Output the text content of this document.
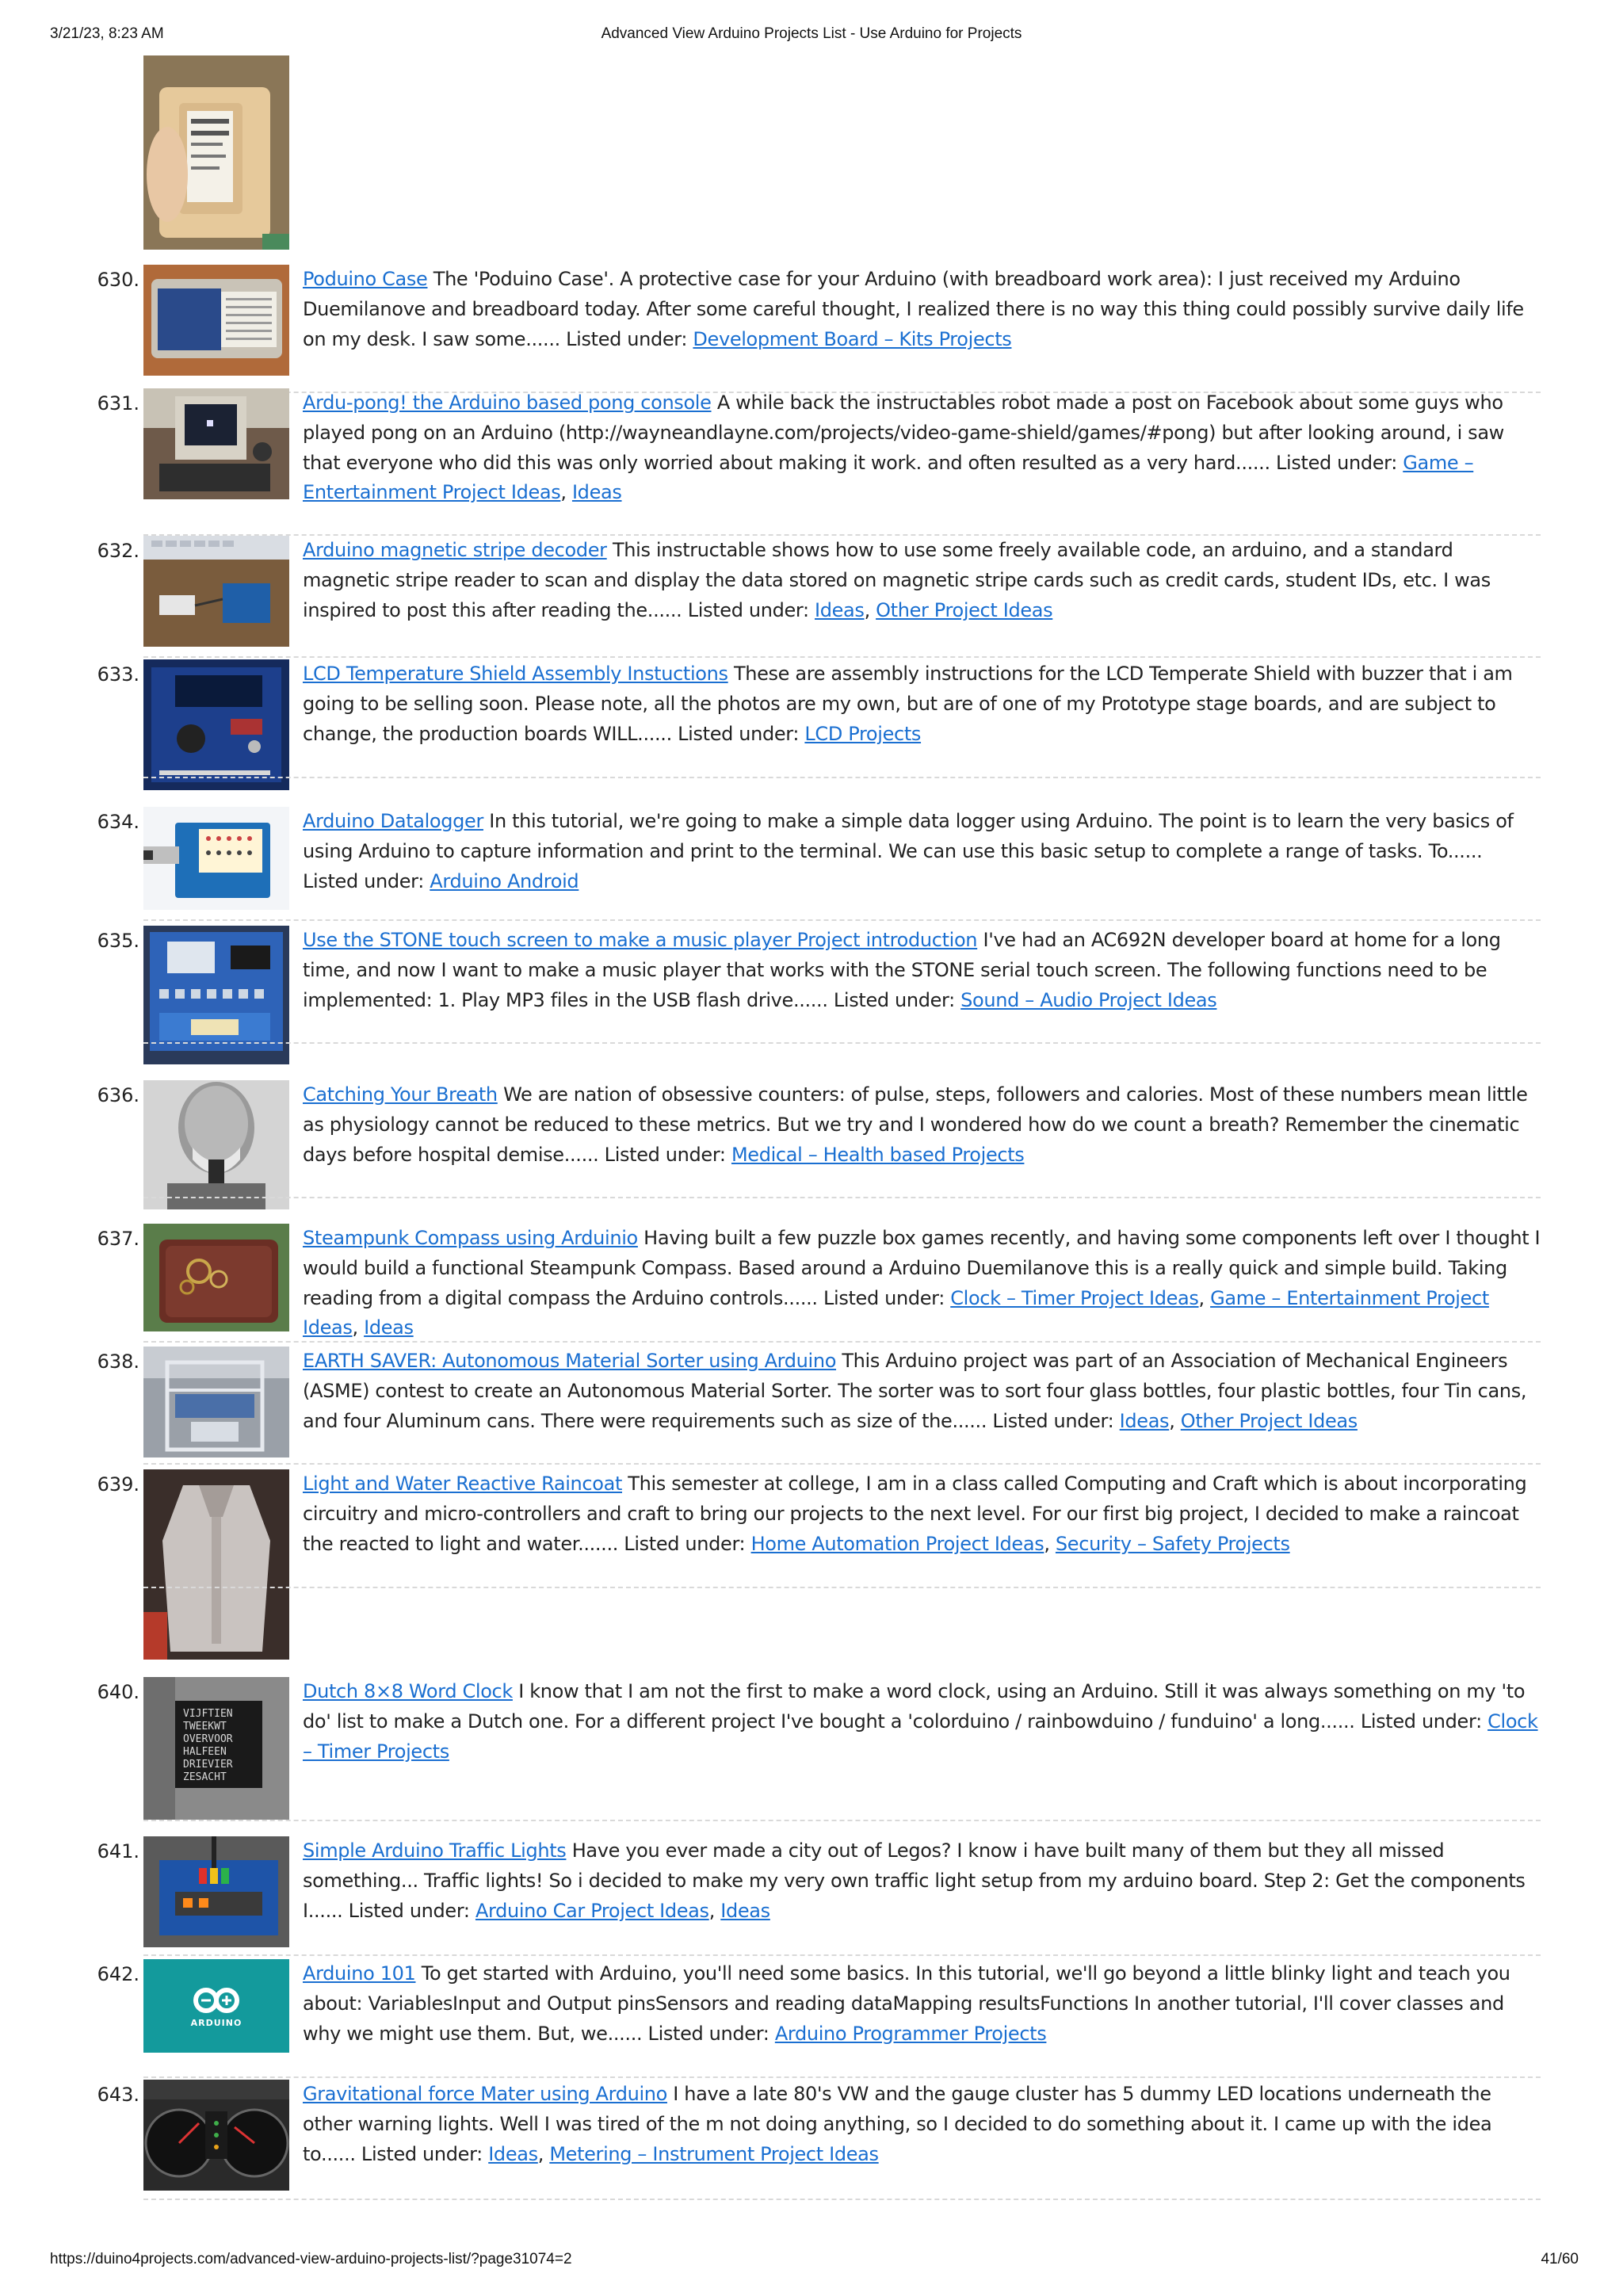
3/21/23, 8:23 AM	Advanced View Arduino Projects List - Use Arduino for Projects
630.	Poduino Case The 'Poduino Case'. A protective case for your Arduino (with breadboard work area): I just received my Arduino Duemilanove and breadboard today. After some careful thought, I realized there is no way this thing could possibly survive daily life on my desk. I saw some...... Listed under: Development Board – Kits Projects
631.	Ardu-pong! the Arduino based pong console A while back the instructables robot made a post on Facebook about some guys who played pong on an Arduino (http://wayneandlayne.com/projects/video-game-shield/games/#pong) but after looking around, i saw that everyone who did this was only worried about making it work. and often resulted as a very hard...... Listed under: Game – Entertainment Project Ideas, Ideas
632.	Arduino magnetic stripe decoder This instructable shows how to use some freely available code, an arduino, and a standard magnetic stripe reader to scan and display the data stored on magnetic stripe cards such as credit cards, student IDs, etc. I was inspired to post this after reading the...... Listed under: Ideas, Other Project Ideas
633.	LCD Temperature Shield Assembly Instuctions These are assembly instructions for the LCD Temperate Shield with buzzer that i am going to be selling soon. Please note, all the photos are my own, but are of one of my Prototype stage boards, and are subject to change, the production boards WILL...... Listed under: LCD Projects
634.	Arduino Datalogger In this tutorial, we're going to make a simple data logger using Arduino. The point is to learn the very basics of using Arduino to capture information and print to the terminal. We can use this basic setup to complete a range of tasks. To...... Listed under: Arduino Android
635.	Use the STONE touch screen to make a music player Project introduction I've had an AC692N developer board at home for a long time, and now I want to make a music player that works with the STONE serial touch screen. The following functions need to be implemented: 1. Play MP3 files in the USB flash drive...... Listed under: Sound – Audio Project Ideas
636.	Catching Your Breath We are nation of obsessive counters: of pulse, steps, followers and calories. Most of these numbers mean little as physiology cannot be reduced to these metrics. But we try and I wondered how do we count a breath? Remember the cinematic days before hospital demise...... Listed under: Medical – Health based Projects
637.	Steampunk Compass using Arduinio Having built a few puzzle box games recently, and having some components left over I thought I would build a functional Steampunk Compass. Based around a Arduino Duemilanove this is a really quick and simple build. Taking reading from a digital compass the Arduino controls...... Listed under: Clock – Timer Project Ideas, Game – Entertainment Project Ideas, Ideas
638.	EARTH SAVER: Autonomous Material Sorter using Arduino This Arduino project was part of an Association of Mechanical Engineers (ASME) contest to create an Autonomous Material Sorter. The sorter was to sort four glass bottles, four plastic bottles, four Tin cans, and four Aluminum cans. There were requirements such as size of the...... Listed under: Ideas, Other Project Ideas
639.	Light and Water Reactive Raincoat This semester at college, I am in a class called Computing and Craft which is about incorporating circuitry and micro-controllers and craft to bring our projects to the next level. For our first big project, I decided to make a raincoat the reacted to light and water....... Listed under: Home Automation Project Ideas, Security – Safety Projects
640.
VIJFTIEN
TWEEKWT
OVERVOOR
HALFEEN
DRIEVIER
ZESACHT
Dutch 8×8 Word Clock I know that I am not the first to make a word clock, using an Arduino. Still it was always something on my 'to do' list to make a Dutch one. For a different project I've bought a 'colorduino / rainbowduino / funduino' a long...... Listed under: Clock – Timer Projects
641.	Simple Arduino Traffic Lights Have you ever made a city out of Legos? I know i have built many of them but they all missed something... Traffic lights! So i decided to make my very own traffic light setup from my arduino board. Step 2: Get the components I...... Listed under: Arduino Car Project Ideas, Ideas
642.
ARDUINO
Arduino 101 To get started with Arduino, you'll need some basics. In this tutorial, we'll go beyond a little blinky light and teach you about: VariablesInput and Output pinsSensors and reading dataMapping resultsFunctions In another tutorial, I'll cover classes and why we might use them. But, we...... Listed under: Arduino Programmer Projects
643.	Gravitational force Mater using Arduino I have a late 80's VW and the gauge cluster has 5 dummy LED locations underneath the other warning lights. Well I was tired of the m not doing anything, so I decided to do something about it. I came up with the idea to...... Listed under: Ideas, Metering – Instrument Project Ideas
https://duino4projects.com/advanced-view-arduino-projects-list/?page31074=2	41/60
